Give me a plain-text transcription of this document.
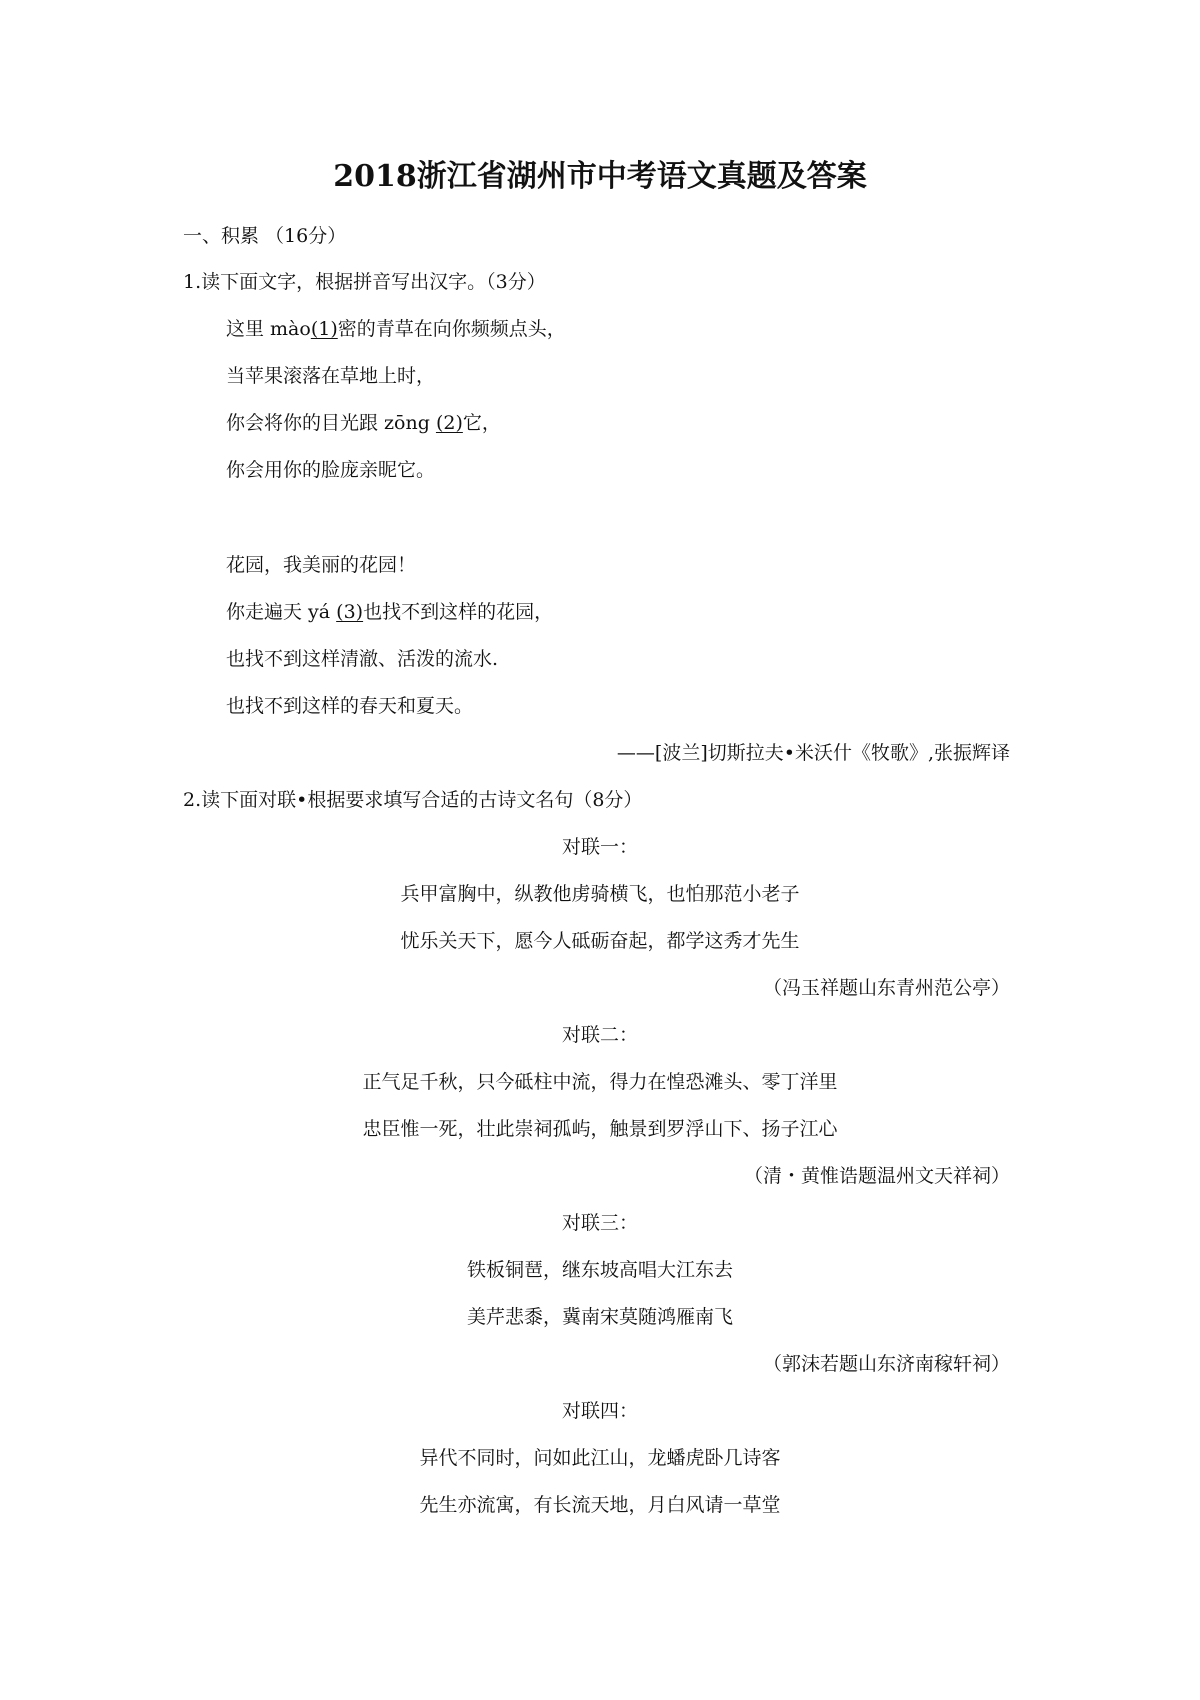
2018浙江省湖州市中考语文真题及答案
一、积累 （16分）
1.读下面文字，根据拼音写出汉字。（3分）
这里 mào(1)密的青草在向你频频点头，
当苹果滚落在草地上时，
你会将你的目光跟 zōng (2)它，
你会用你的脸庞亲昵它。
花园，我美丽的花园！
你走遍天 yá (3)也找不到这样的花园，
也找不到这样清澈、活泼的流水.
也找不到这样的春天和夏天。
——[波兰]切斯拉夫•米沃什《牧歌》,张振辉译
2.读下面对联•根据要求填写合适的古诗文名句（8分）
对联一：
兵甲富胸中，纵教他虏骑横飞，也怕那范小老子
忧乐关天下，愿今人砥砺奋起，都学这秀才先生
（冯玉祥题山东青州范公亭）
对联二：
正气足千秋，只今砥柱中流，得力在惶恐滩头、零丁洋里
忠臣惟一死，壮此崇祠孤屿，触景到罗浮山下、扬子江心
（清・黄惟诰题温州文天祥祠）
对联三：
铁板铜琶，继东坡高唱大江东去
美芹悲黍，冀南宋莫随鸿雁南飞
（郭沫若题山东济南稼轩祠）
对联四：
异代不同时，问如此江山，龙蟠虎卧几诗客
先生亦流寓，有长流天地，月白风请一草堂
